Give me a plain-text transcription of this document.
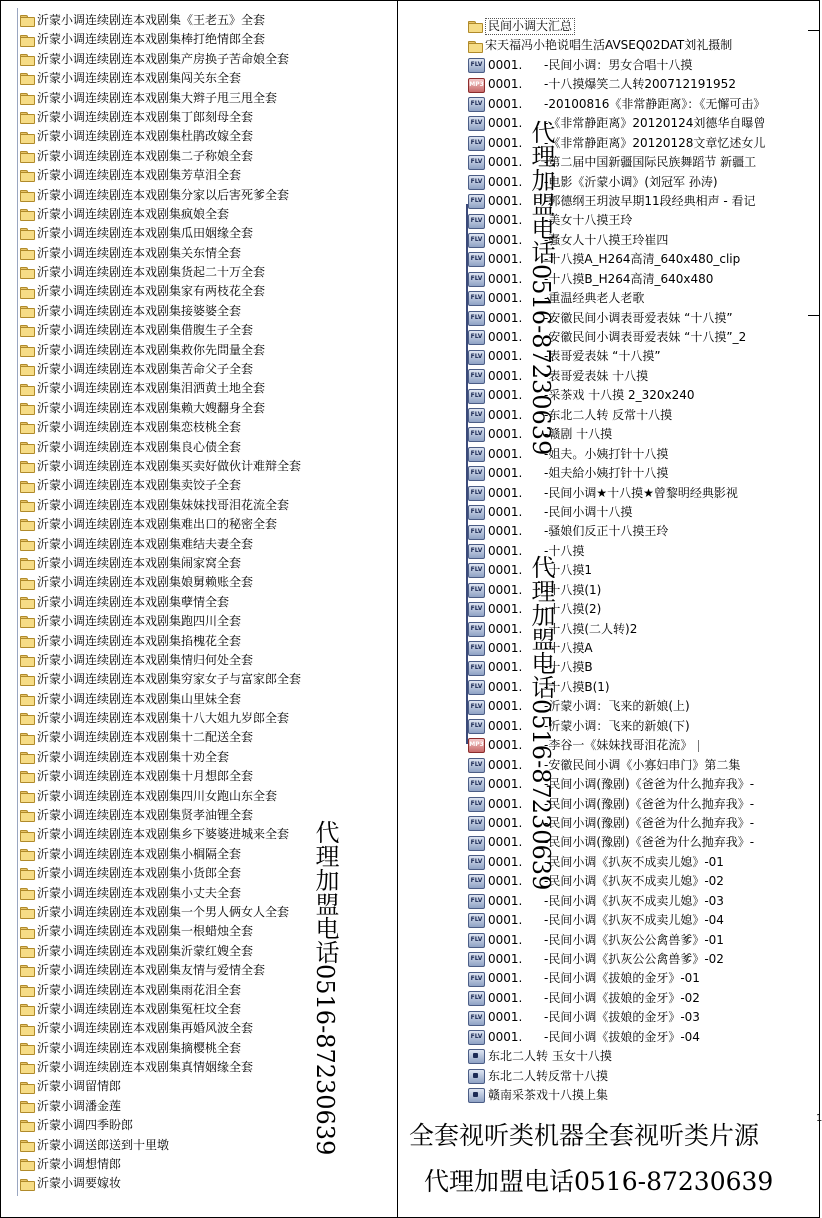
1
沂蒙小调连续剧连本戏剧集《王老五》全套
沂蒙小调连续剧连本戏剧集棒打绝情郎全套
沂蒙小调连续剧连本戏剧集产房换子苦命娘全套
沂蒙小调连续剧连本戏剧集闯关东全套
沂蒙小调连续剧连本戏剧集大辫子甩三甩全套
沂蒙小调连续剧连本戏剧集丁郎刻母全套
沂蒙小调连续剧连本戏剧集杜鹃改嫁全套
沂蒙小调连续剧连本戏剧集二子称娘全套
沂蒙小调连续剧连本戏剧集芳草泪全套
沂蒙小调连续剧连本戏剧集分家以后害死爹全套
沂蒙小调连续剧连本戏剧集疯娘全套
沂蒙小调连续剧连本戏剧集瓜田姻缘全套
沂蒙小调连续剧连本戏剧集关东情全套
沂蒙小调连续剧连本戏剧集货起二十万全套
沂蒙小调连续剧连本戏剧集家有两枝花全套
沂蒙小调连续剧连本戏剧集接婆婆全套
沂蒙小调连续剧连本戏剧集借腹生子全套
沂蒙小调连续剧连本戏剧集救你先問量全套
沂蒙小调连续剧连本戏剧集苦命父子全套
沂蒙小调连续剧连本戏剧集泪洒黄土地全套
沂蒙小调连续剧连本戏剧集赖大嫂翻身全套
沂蒙小调连续剧连本戏剧集恋枝桃全套
沂蒙小调连续剧连本戏剧集良心债全套
沂蒙小调连续剧连本戏剧集买卖好做伙计难辩全套
沂蒙小调连续剧连本戏剧集卖饺子全套
沂蒙小调连续剧连本戏剧集妹妹找哥泪花流全套
沂蒙小调连续剧连本戏剧集难出口的秘密全套
沂蒙小调连续剧连本戏剧集难结夫妻全套
沂蒙小调连续剧连本戏剧集闹家窝全套
沂蒙小调连续剧连本戏剧集娘舅赖账全套
沂蒙小调连续剧连本戏剧集孽情全套
沂蒙小调连续剧连本戏剧集跑四川全套
沂蒙小调连续剧连本戏剧集掐槐花全套
沂蒙小调连续剧连本戏剧集情归何处全套
沂蒙小调连续剧连本戏剧集穷家女子与富家郎全套
沂蒙小调连续剧连本戏剧集山里妹全套
沂蒙小调连续剧连本戏剧集十八大姐九岁郎全套
沂蒙小调连续剧连本戏剧集十二配送全套
沂蒙小调连续剧连本戏剧集十劝全套
沂蒙小调连续剧连本戏剧集十月想郎全套
沂蒙小调连续剧连本戏剧集四川女跑山东全套
沂蒙小调连续剧连本戏剧集贤孝油锂全套
沂蒙小调连续剧连本戏剧集乡下婆婆进城来全套
沂蒙小调连续剧连本戏剧集小榈隔全套
沂蒙小调连续剧连本戏剧集小货郎全套
沂蒙小调连续剧连本戏剧集小丈夫全套
沂蒙小调连续剧连本戏剧集一个男人俩女人全套
沂蒙小调连续剧连本戏剧集一根蜡烛全套
沂蒙小调连续剧连本戏剧集沂蒙红嫂全套
沂蒙小调连续剧连本戏剧集友情与爱情全套
沂蒙小调连续剧连本戏剧集雨花泪全套
沂蒙小调连续剧连本戏剧集冤枉坟全套
沂蒙小调连续剧连本戏剧集再婚风波全套
沂蒙小调连续剧连本戏剧集摘樱桃全套
沂蒙小调连续剧连本戏剧集真情姻缘全套
沂蒙小调留情郎
沂蒙小调潘金莲
沂蒙小调四季盼郎
沂蒙小调送郎送到十里墩
沂蒙小调想情郎
沂蒙小调要嫁妆
民间小调大汇总
宋天福冯小艳说唱生活AVSEQ02DAT刘礼摄制
FLV
0001.	-民间小调：男女合唱十八摸
MP3
0001.	-十八摸爆笑二人转200712191952
FLV
0001.	-20100816《非常静距离》：《无懈可击》
FLV
0001.	-《非常静距离》20120124刘德华自曝曾
FLV
0001.	-《非常静距离》20120128文章忆述女儿
FLV
0001.	-第二届中国新疆国际民族舞蹈节 新疆工
FLV
0001.	-电影《沂蒙小调》(刘冠军 孙涛)
FLV
0001.	-郭德纲王玥波早期11段经典相声 - 看记
FLV
0001.	-美女十八摸王玲
FLV
0001.	-骚女人十八摸王玲崔四
FLV
0001.	-十八摸A_H264高清_640x480_clip
FLV
0001.	-十八摸B_H264高清_640x480
FLV
0001.	-重温经典老人老歌
FLV
0001.	-安徽民间小调表哥爱表妹 “十八摸”
FLV
0001.	-安徽民间小调表哥爱表妹 “十八摸”_2
FLV
0001.	-表哥爱表妹 “十八摸”
FLV
0001.	-表哥爱表妹 十八摸
FLV
0001.	-采茶戏 十八摸 2_320x240
FLV
0001.	-东北二人转 反常十八摸
FLV
0001.	-赣剧 十八摸
FLV
0001.	-姐夫。小姨打针十八摸
FLV
0001.	-姐夫給小姨打针十八摸
FLV
0001.	-民间小调★十八摸★曾黎明经典影视
FLV
0001.	-民间小调十八摸
FLV
0001.	-骚娘们反正十八摸王玲
FLV
0001.	-十八摸
FLV
0001.	-十八摸1
FLV
0001.	-十八摸(1)
FLV
0001.	-十八摸(2)
FLV
0001.	-十八摸(二人转)2
FLV
0001.	-十八摸A
FLV
0001.	-十八摸B
FLV
0001.	-十八摸B(1)
FLV
0001.	-沂蒙小调：飞来的新娘(上)
FLV
0001.	-沂蒙小调：飞来的新娘(下)
MP3
0001.	-李谷一《妹妹找哥泪花流》
FLV
0001.	-安徽民间小调《小寡妇串门》第二集
FLV
0001.	-民间小调(豫剧)《爸爸为什么抛弃我》-
FLV
0001.	-民间小调(豫剧)《爸爸为什么抛弃我》-
FLV
0001.	-民间小调(豫剧)《爸爸为什么抛弃我》-
FLV
0001.	-民间小调(豫剧)《爸爸为什么抛弃我》-
FLV
0001.	-民间小调《扒灰不成卖儿媳》-01
FLV
0001.	-民间小调《扒灰不成卖儿媳》-02
FLV
0001.	-民间小调《扒灰不成卖儿媳》-03
FLV
0001.	-民间小调《扒灰不成卖儿媳》-04
FLV
0001.	-民间小调《扒灰公公禽兽爹》-01
FLV
0001.	-民间小调《扒灰公公禽兽爹》-02
FLV
0001.	-民间小调《拔娘的金牙》-01
FLV
0001.	-民间小调《拔娘的金牙》-02
FLV
0001.	-民间小调《拔娘的金牙》-03
FLV
0001.	-民间小调《拔娘的金牙》-04
东北二人转 玉女十八摸
东北二人转反常十八摸
赣南采茶戏十八摸上集
代理加盟电话0516-87230639
代理加盟电话0516-87230639
代理加盟电话0516-87230639	全套视听类机器全套视听类片源
代理加盟电话0516-87230639
